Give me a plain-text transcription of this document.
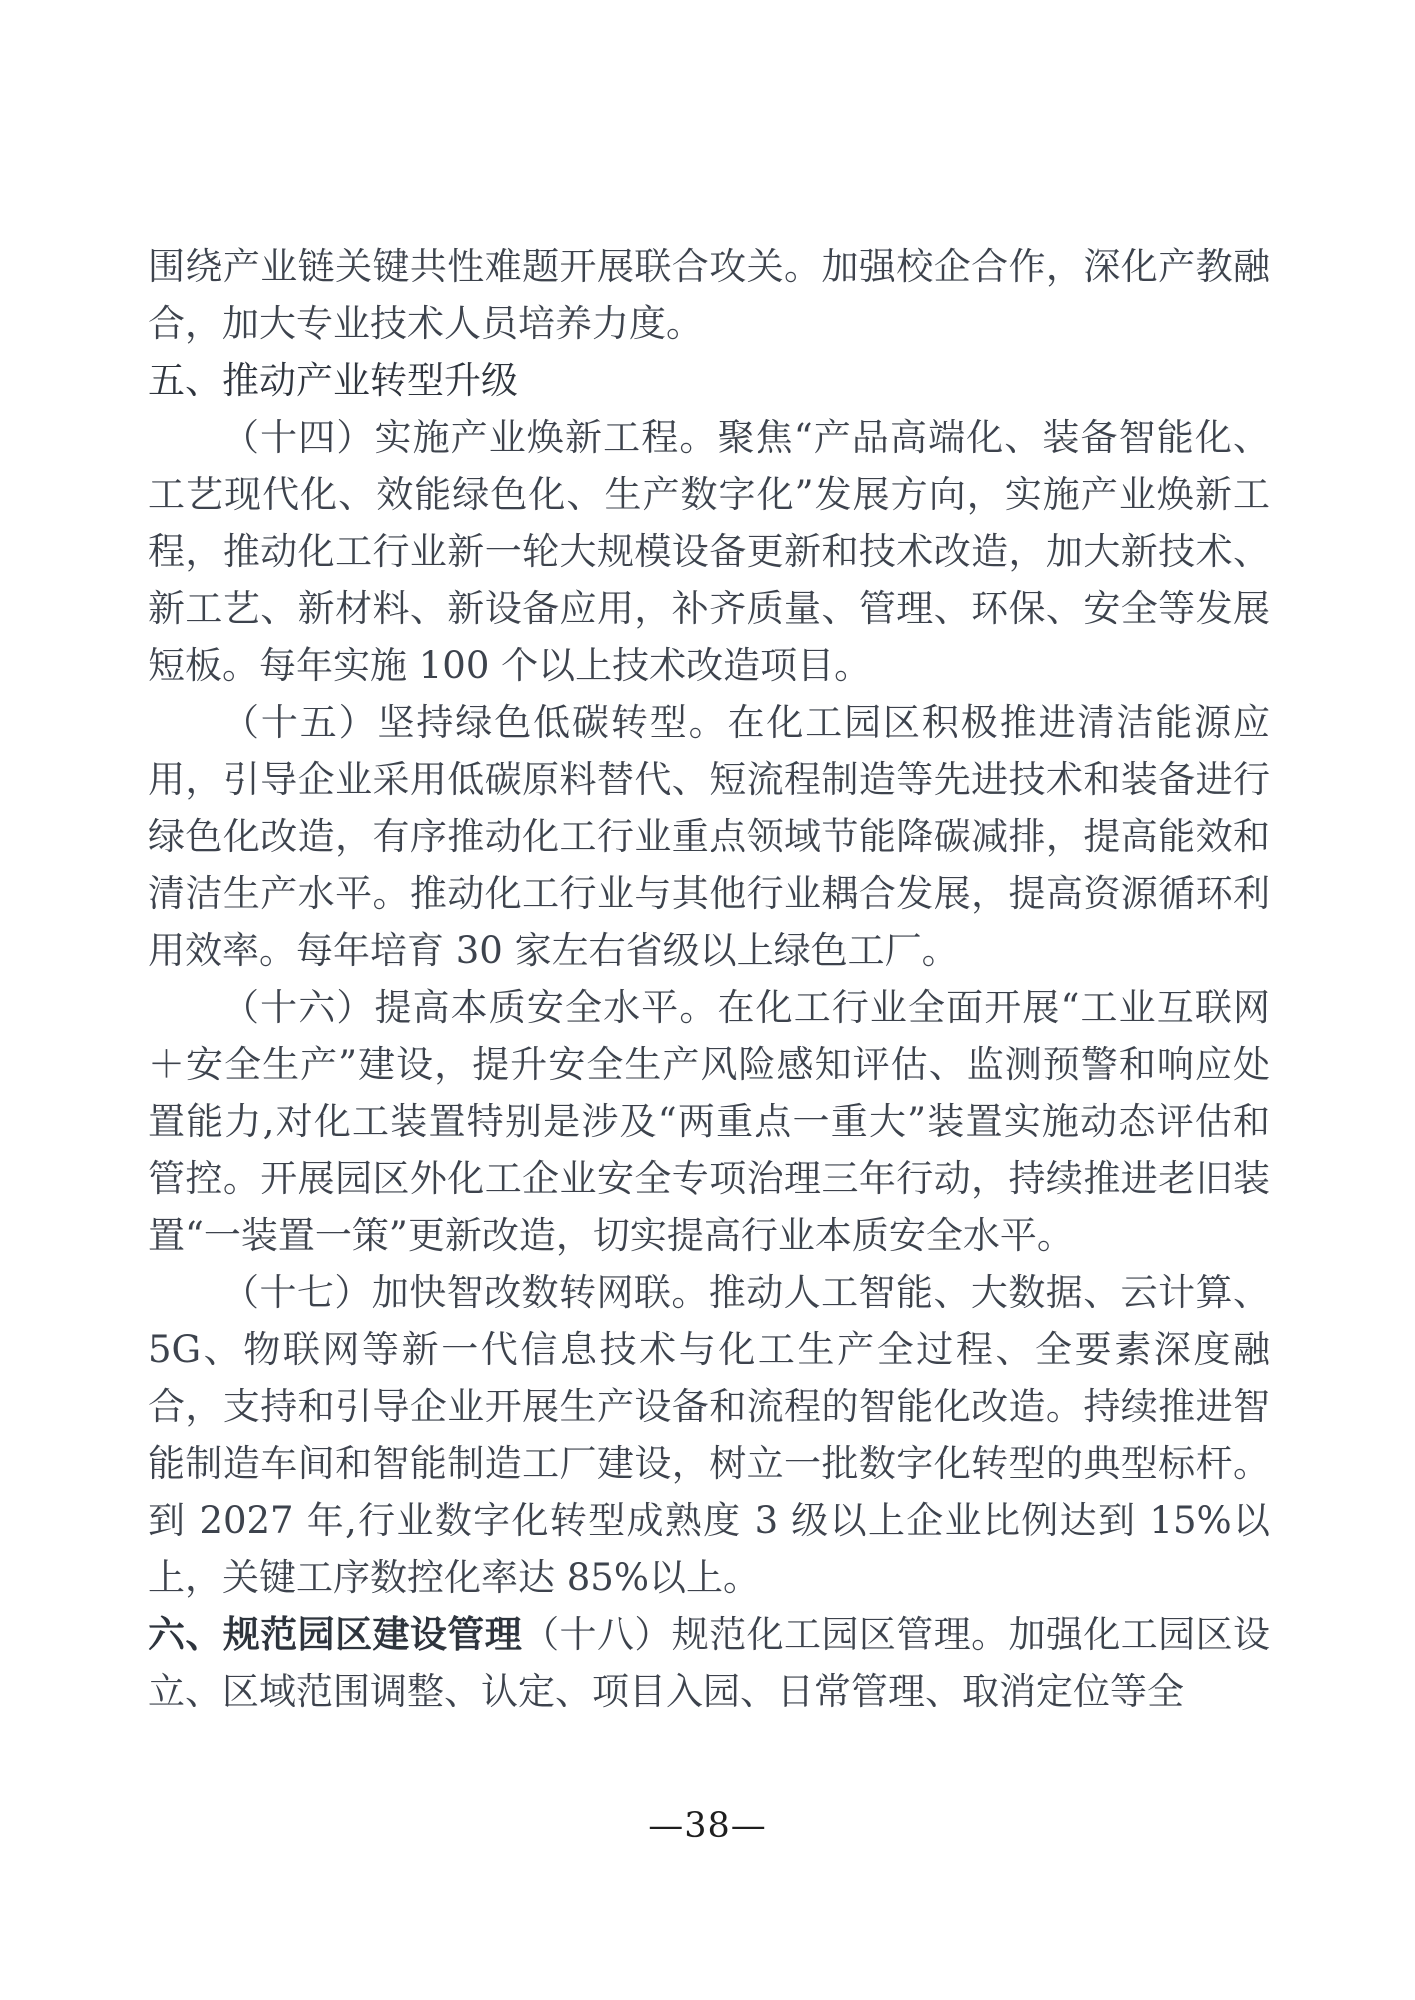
围绕产业链关键共性难题开展联合攻关。加强校企合作，深化产教融合，加大专业技术人员培养力度。

五、推动产业转型升级

（十四）实施产业焕新工程。聚焦“产品高端化、装备智能化、工艺现代化、效能绿色化、生产数字化”发展方向，实施产业焕新工程，推动化工行业新一轮大规模设备更新和技术改造，加大新技术、新工艺、新材料、新设备应用，补齐质量、管理、环保、安全等发展短板。每年实施 100 个以上技术改造项目。

（十五）坚持绿色低碳转型。在化工园区积极推进清洁能源应用，引导企业采用低碳原料替代、短流程制造等先进技术和装备进行绿色化改造，有序推动化工行业重点领域节能降碳减排，提高能效和清洁生产水平。推动化工行业与其他行业耦合发展，提高资源循环利用效率。每年培育 30 家左右省级以上绿色工厂。

（十六）提高本质安全水平。在化工行业全面开展“工业互联网＋安全生产”建设，提升安全生产风险感知评估、监测预警和响应处置能力,对化工装置特别是涉及“两重点一重大”装置实施动态评估和管控。开展园区外化工企业安全专项治理三年行动，持续推进老旧装置“一装置一策”更新改造，切实提高行业本质安全水平。

（十七）加快智改数转网联。推动人工智能、大数据、云计算、5G、物联网等新一代信息技术与化工生产全过程、全要素深度融合，支持和引导企业开展生产设备和流程的智能化改造。持续推进智能制造车间和智能制造工厂建设，树立一批数字化转型的典型标杆。到 2027 年,行业数字化转型成熟度 3 级以上企业比例达到 15%以上，关键工序数控化率达 85%以上。

六、规范园区建设管理（十八）规范化工园区管理。加强化工园区设立、区域范围调整、认定、项目入园、日常管理、取消定位等全

—38—
